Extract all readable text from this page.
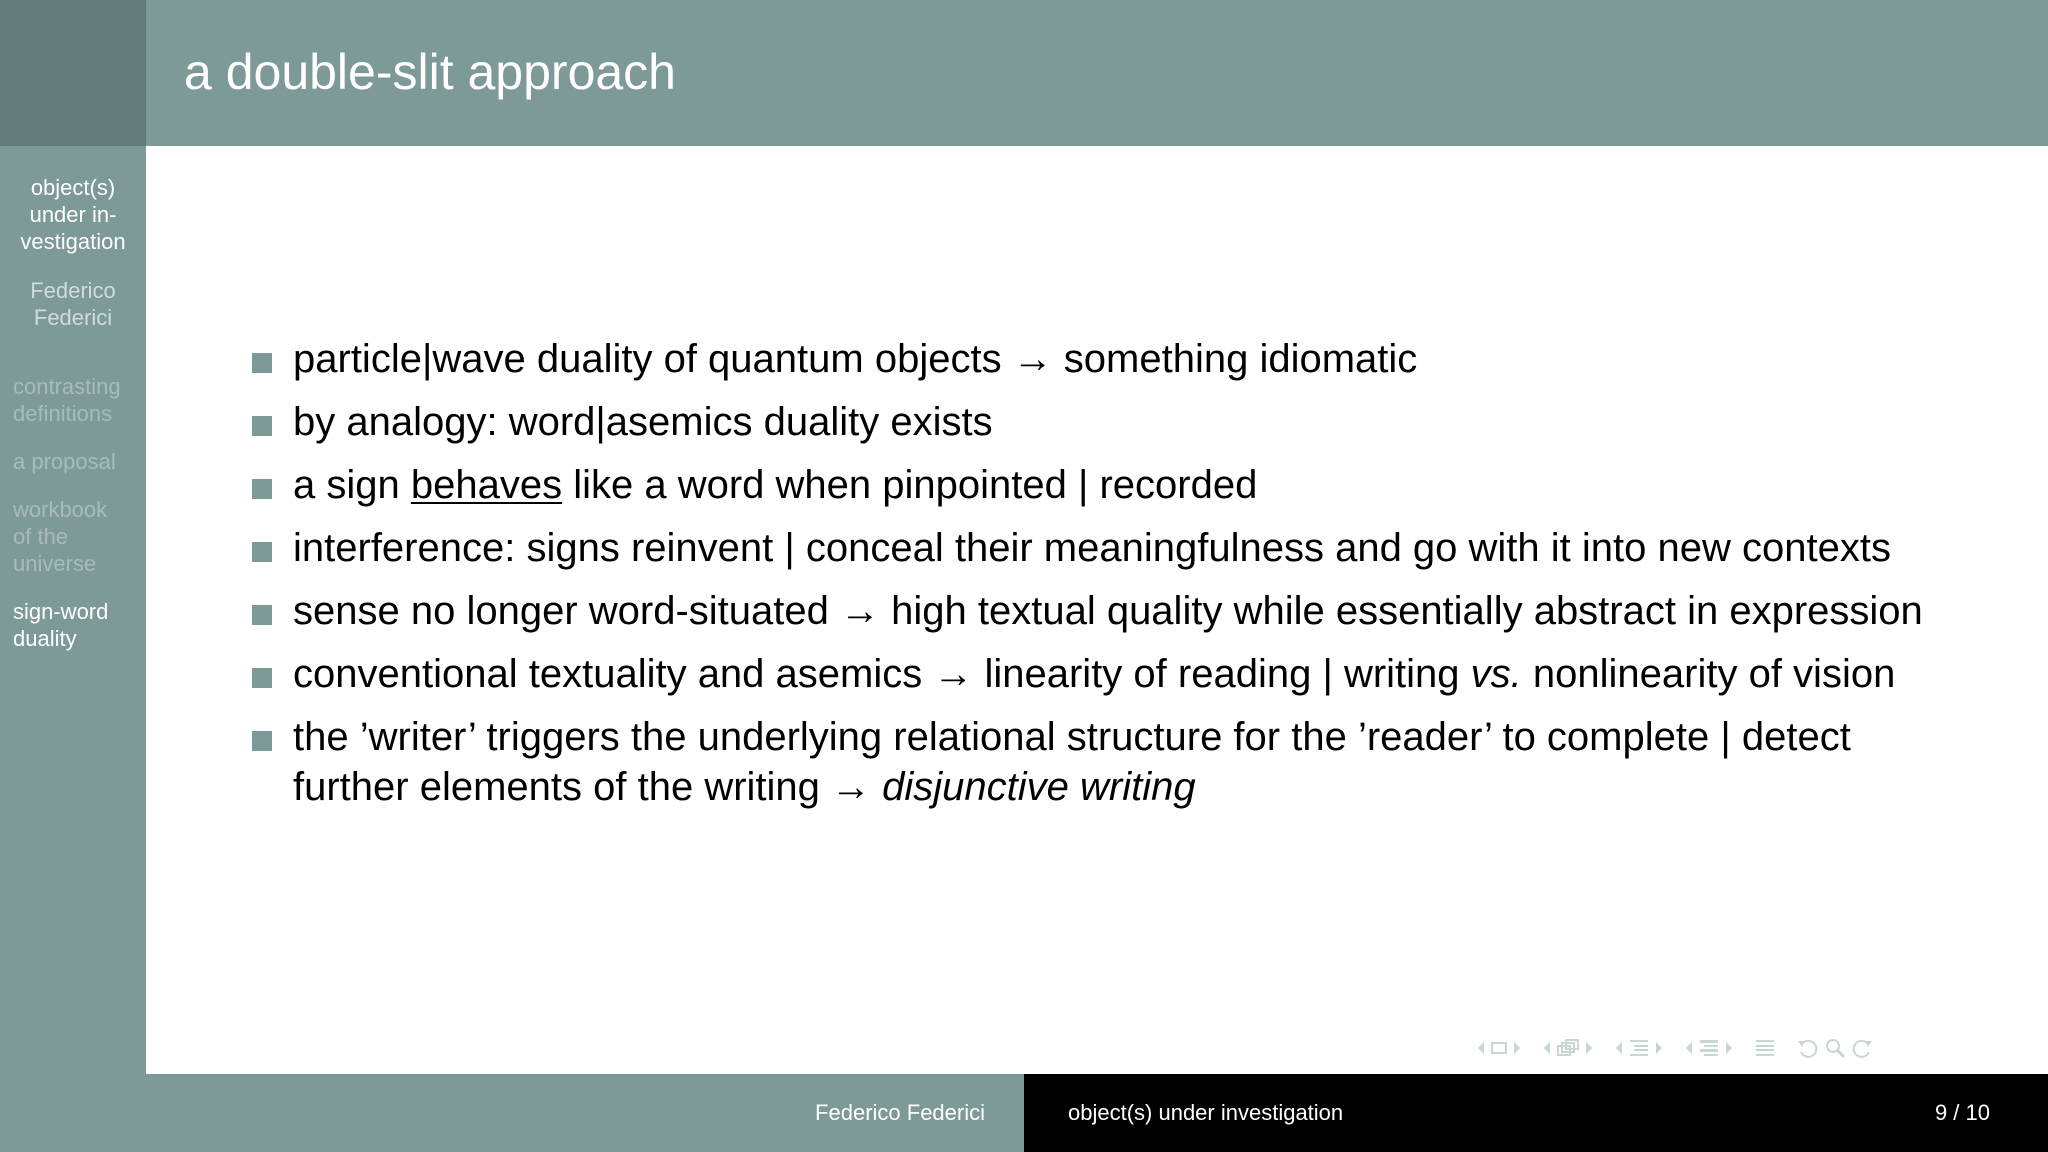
object(s)
under in-
vestigation
Federico
Federici
contrasting
definitions
a proposal
workbook
of the
universe
sign-word
duality
a double-slit approach
particle|wave duality of quantum objects → something idiomatic
by analogy: word|asemics duality exists
a sign behaves like a word when pinpointed | recorded
interference: signs reinvent | conceal their meaningfulness and go with it into new contexts
sense no longer word-situated → high textual quality while essentially abstract in expression
conventional textuality and asemics → linearity of reading | writing vs. nonlinearity of vision
the ’writer’ triggers the underlying relational structure for the ’reader’ to complete | detect
further elements of the writing → disjunctive writing
Federico Federici	object(s) under investigation	9 / 10
